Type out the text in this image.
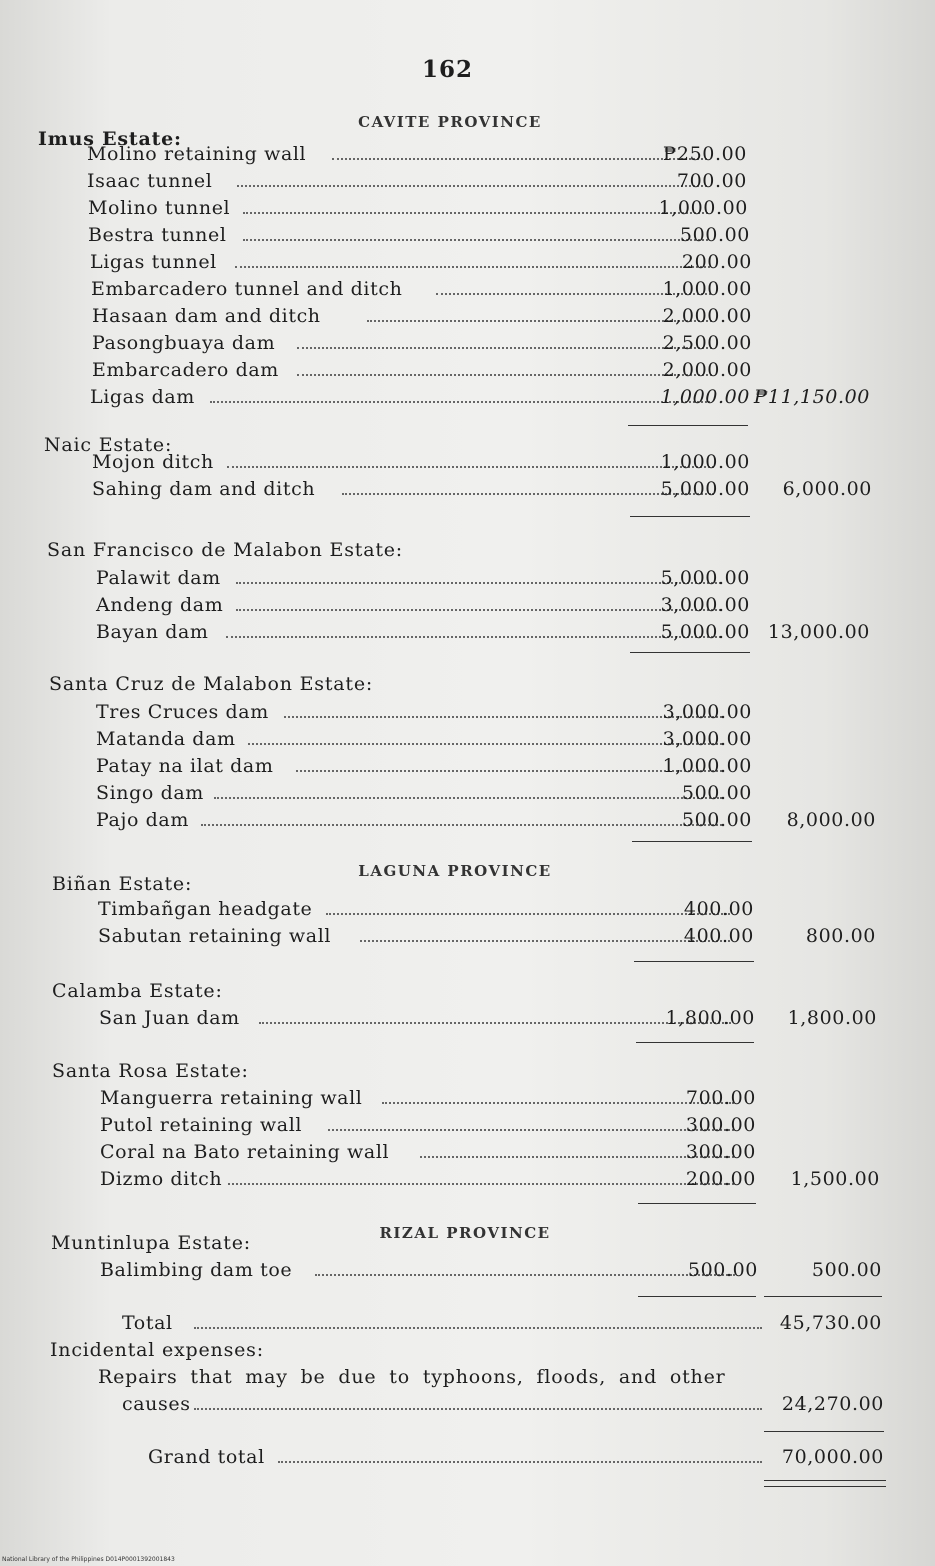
162
CAVITE PROVINCE
Imus Estate:
Molino retaining wall	₱250.00
Isaac tunnel	700.00
Molino tunnel	1,000.00
Bestra tunnel	500.00
Ligas tunnel	200.00
Embarcadero tunnel and ditch	1,000.00
Hasaan dam and ditch	2,000.00
Pasongbuaya dam	2,500.00
Embarcadero dam	2,000.00
Ligas dam	1,000.00 ₱11,150.00
Naic Estate:
Mojon ditch	1,000.00
Sahing dam and ditch	5,000.00	6,000.00
San Francisco de Malabon Estate:
Palawit dam	5,000.00
Andeng dam	3,000.00
Bayan dam	5,000.00 13,000.00
Santa Cruz de Malabon Estate:
Tres Cruces dam	3,000.00
Matanda dam	3,000.00
Patay na ilat dam	1,000.00
Singo dam	500.00
Pajo dam	500.00	8,000.00
LAGUNA PROVINCE
Biñan Estate:
Timbañgan headgate	400.00
Sabutan retaining wall	400.00	800.00
Calamba Estate:
San Juan dam	1,800.00	1,800.00
Santa Rosa Estate:
Manguerra retaining wall	700.00
Putol retaining wall	300.00
Coral na Bato retaining wall	300.00
Dizmo ditch	200.00	1,500.00
RIZAL PROVINCE
Muntinlupa Estate:
Balimbing dam toe	500.00	500.00
Total	45,730.00
Incidental expenses:
Repairs that may be due to typhoons, floods, and other
causes	24,270.00
Grand total	70,000.00
National Library of the Philippines D014P0001392001843
